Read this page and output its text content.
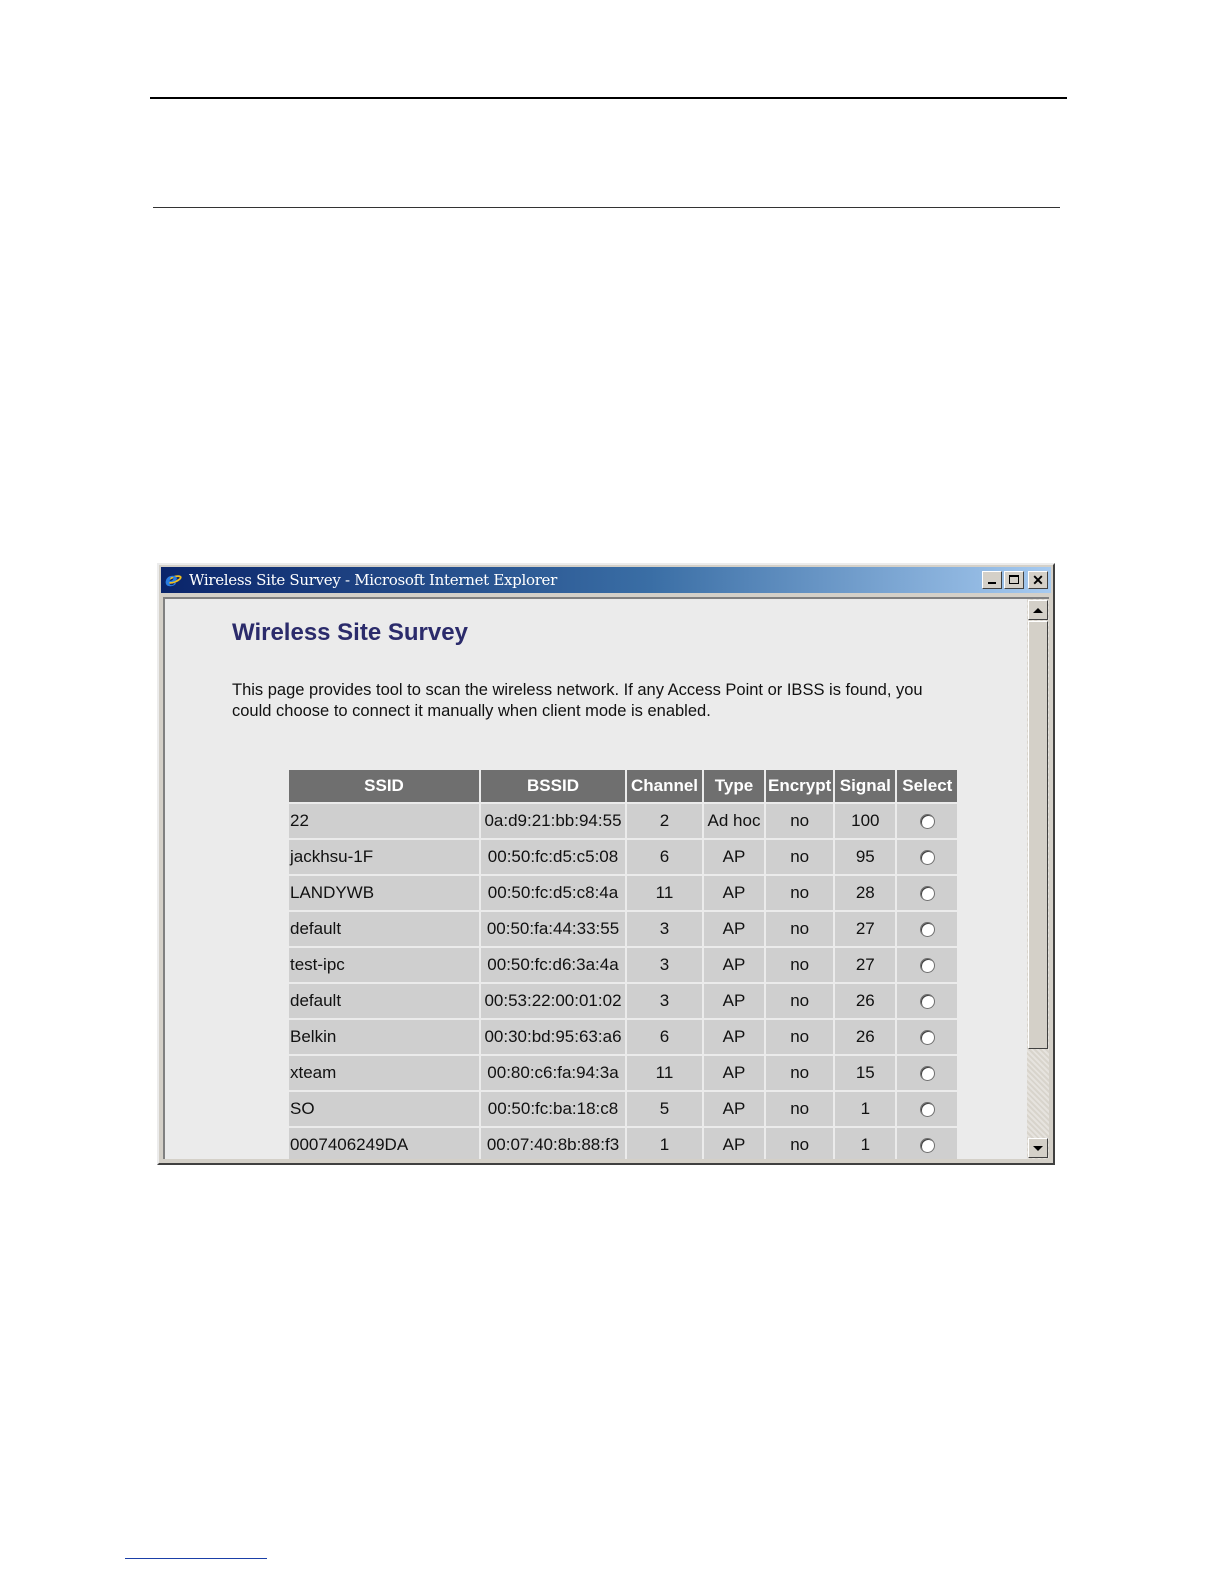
e Wireless Site Survey - Microsoft Internet Explorer	✕
Wireless Site Survey

This page provides tool to scan the wireless network. If any Access Point or IBSS is found, you could choose to connect it manually when client mode is enabled.

SSID	BSSID	Channel	Type	Encrypt	Signal	Select
22	0a:d9:21:bb:94:55	2	Ad hoc	no	100	
jackhsu-1F	00:50:fc:d5:c5:08	6	AP	no	95	
LANDYWB	00:50:fc:d5:c8:4a	11	AP	no	28	
default	00:50:fa:44:33:55	3	AP	no	27	
test-ipc	00:50:fc:d6:3a:4a	3	AP	no	27	
default	00:53:22:00:01:02	3	AP	no	26	
Belkin	00:30:bd:95:63:a6	6	AP	no	26	
xteam	00:80:c6:fa:94:3a	11	AP	no	15	
SO	00:50:fc:ba:18:c8	5	AP	no	1	
0007406249DA	00:07:40:8b:88:f3	1	AP	no	1	
